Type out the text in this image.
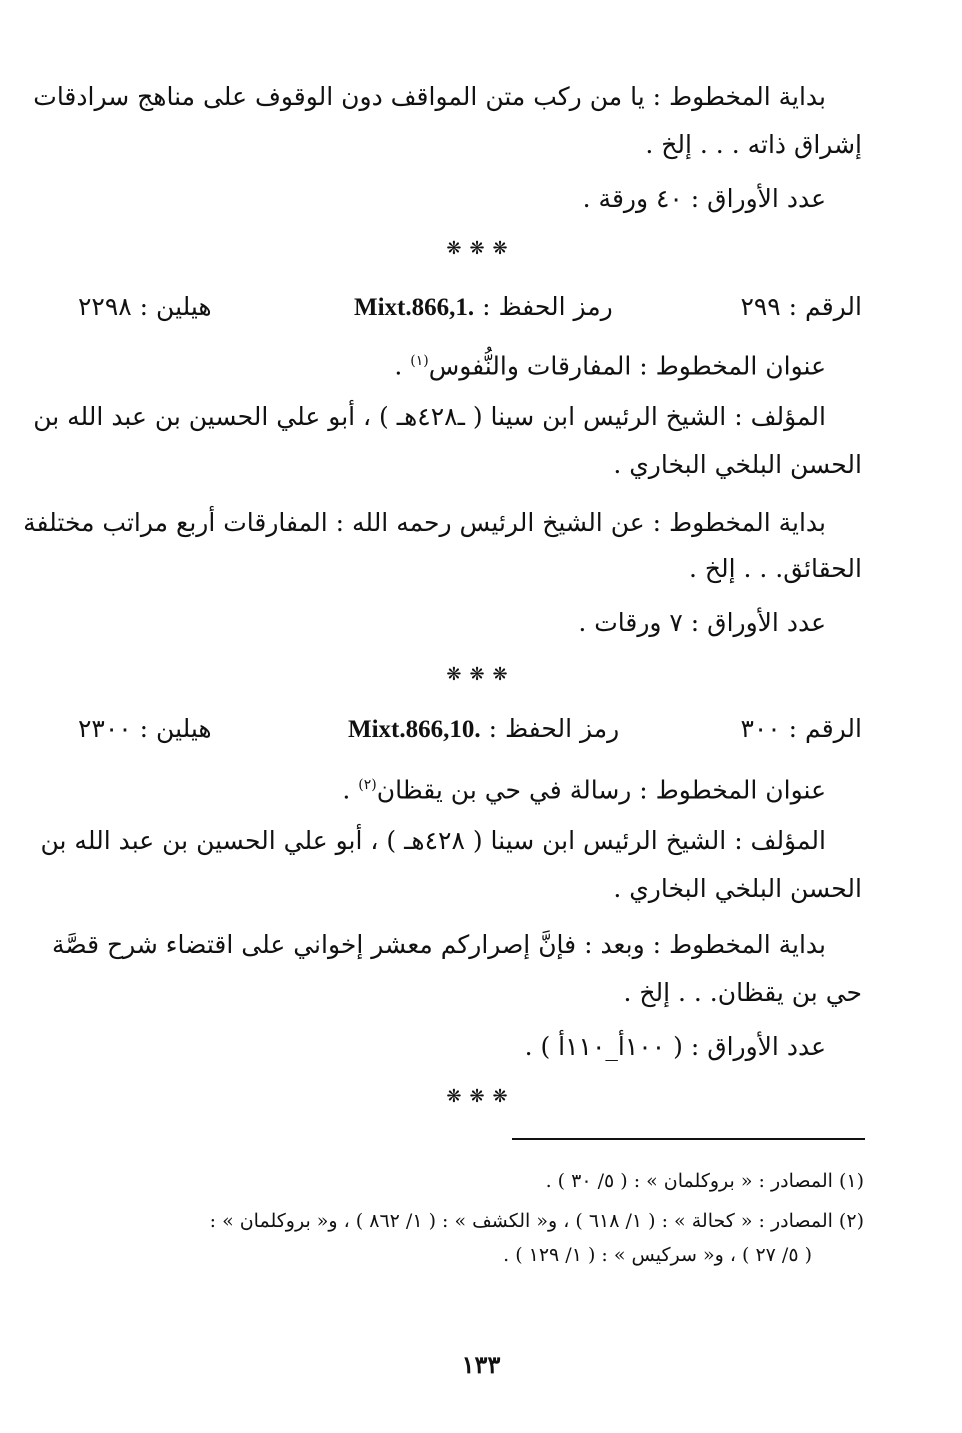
بداية المخطوط : يا من ركب متن المواقف دون الوقوف على مناهج سرادقات
إشراق ذاته . . . إلخ .
عدد الأوراق : ٤٠ ورقة .
❋❋❋
الرقم : ٢٩٩
رمز الحفظ : Mixt.866,1.
هيلين : ٢٢٩٨
عنوان المخطوط : المفارقات والنُّفوس$^{(١)}$ .
المؤلف : الشيخ الرئيس ابن سينا ( ـ٤٢٨هـ ) ، أبو علي الحسين بن عبد الله بن
الحسن البلخي البخاري .
بداية المخطوط : عن الشيخ الرئيس رحمه الله : المفارقات أربع مراتب مختلفة
الحقائق. . . إلخ .
عدد الأوراق : ٧ ورقات .
❋❋❋
الرقم : ٣٠٠
رمز الحفظ : Mixt.866,10.
هيلين : ٢٣٠٠
عنوان المخطوط : رسالة في حي بن يقظان$^{(٢)}$ .
المؤلف : الشيخ الرئيس ابن سينا ( ٤٢٨هـ ) ، أبو علي الحسين بن عبد الله بن
الحسن البلخي البخاري .
بداية المخطوط : وبعد : فإنَّ إصراركم معشر إخواني على اقتضاء شرح قصَّة
حي بن يقظان. . . إلخ .
عدد الأوراق : ( ١٠٠أ_١١٠أ ) .
❋❋❋
(١) المصادر : « بروكلمان » : ( ٥/ ٣٠ ) .
(٢) المصادر : « كحالة » : ( ١/ ٦١٨ ) ، و« الكشف » : ( ١/ ٨٦٢ ) ، و« بروكلمان » :
( ٥/ ٢٧ ) ، و« سركيس » : ( ١/ ١٢٩ ) .
١٣٣
